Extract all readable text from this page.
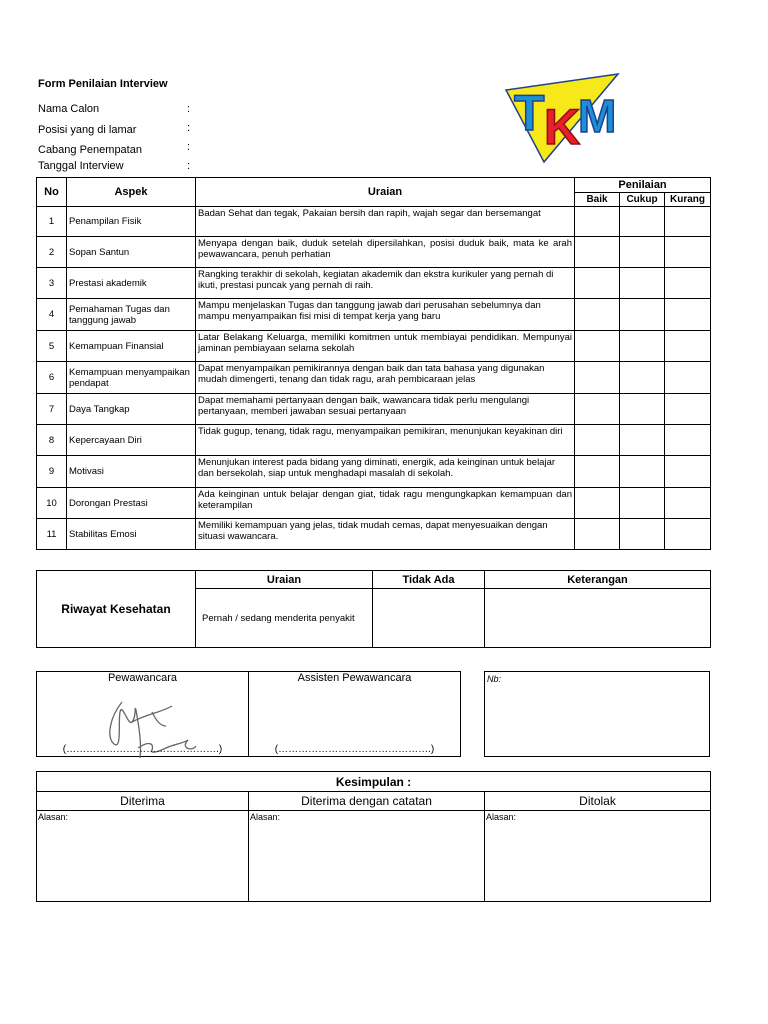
Form Penilaian Interview
Nama Calon	:
Posisi yang di lamar	:
Cabang Penempatan	:
Tanggal Interview	:
T K
M
No	Aspek	Uraian	Penilaian		
			Baik	Cukup	Kurang
1	Penampilan Fisik	Badan Sehat dan tegak, Pakaian bersih dan rapih, wajah segar dan bersemangat			
2	Sopan Santun	Menyapa dengan baik, duduk setelah dipersilahkan, posisi duduk baik, mata ke arah pewawancara, penuh perhatian			
3	Prestasi akademik	Rangking terakhir di sekolah, kegiatan akademik dan ekstra kurikuler yang pernah di ikuti, prestasi puncak yang pernah di raih.			
4	Pemahaman Tugas dan tanggung jawab	Mampu menjelaskan Tugas dan tanggung jawab dari perusahan sebelumnya dan mampu menyampaikan fisi misi di tempat kerja yang baru			
5	Kemampuan Finansial	Latar Belakang Keluarga, memiliki komitmen untuk membiayai pendidikan. Mempunyai jaminan pembiayaan selama sekolah			
6	Kemampuan menyampaikan pendapat	Dapat menyampaikan pemikirannya dengan baik dan tata bahasa yang digunakan mudah dimengerti, tenang dan tidak ragu, arah pembicaraan jelas			
7	Daya Tangkap	Dapat memahami pertanyaan dengan baik, wawancara tidak perlu mengulangi pertanyaan, memberi jawaban sesuai pertanyaan			
8	Kepercayaan Diri	Tidak gugup, tenang, tidak ragu, menyampaikan pemikiran, menunjukan keyakinan diri			
9	Motivasi	Menunjukan interest pada bidang yang diminati, energik, ada keinginan untuk belajar dan bersekolah, siap untuk menghadapi masalah di sekolah.			
10	Dorongan Prestasi	Ada keinginan untuk belajar dengan giat, tidak ragu mengungkapkan kemampuan dan keterampilan			
11	Stabilitas Emosi	Memiliki kemampuan yang jelas, tidak mudah cemas, dapat menyesuaikan dengan situasi wawancara.			
Riwayat Kesehatan	Uraian	Tidak Ada	Keterangan
	Pernah / sedang menderita penyakit		
Pewawancara
(……………………………………….)
	Assisten Pewawancara
(……………………………………….)
Nb:
Kesimpulan :		
Diterima	Diterima dengan catatan	Ditolak
Alasan:	Alasan:	Alasan:
